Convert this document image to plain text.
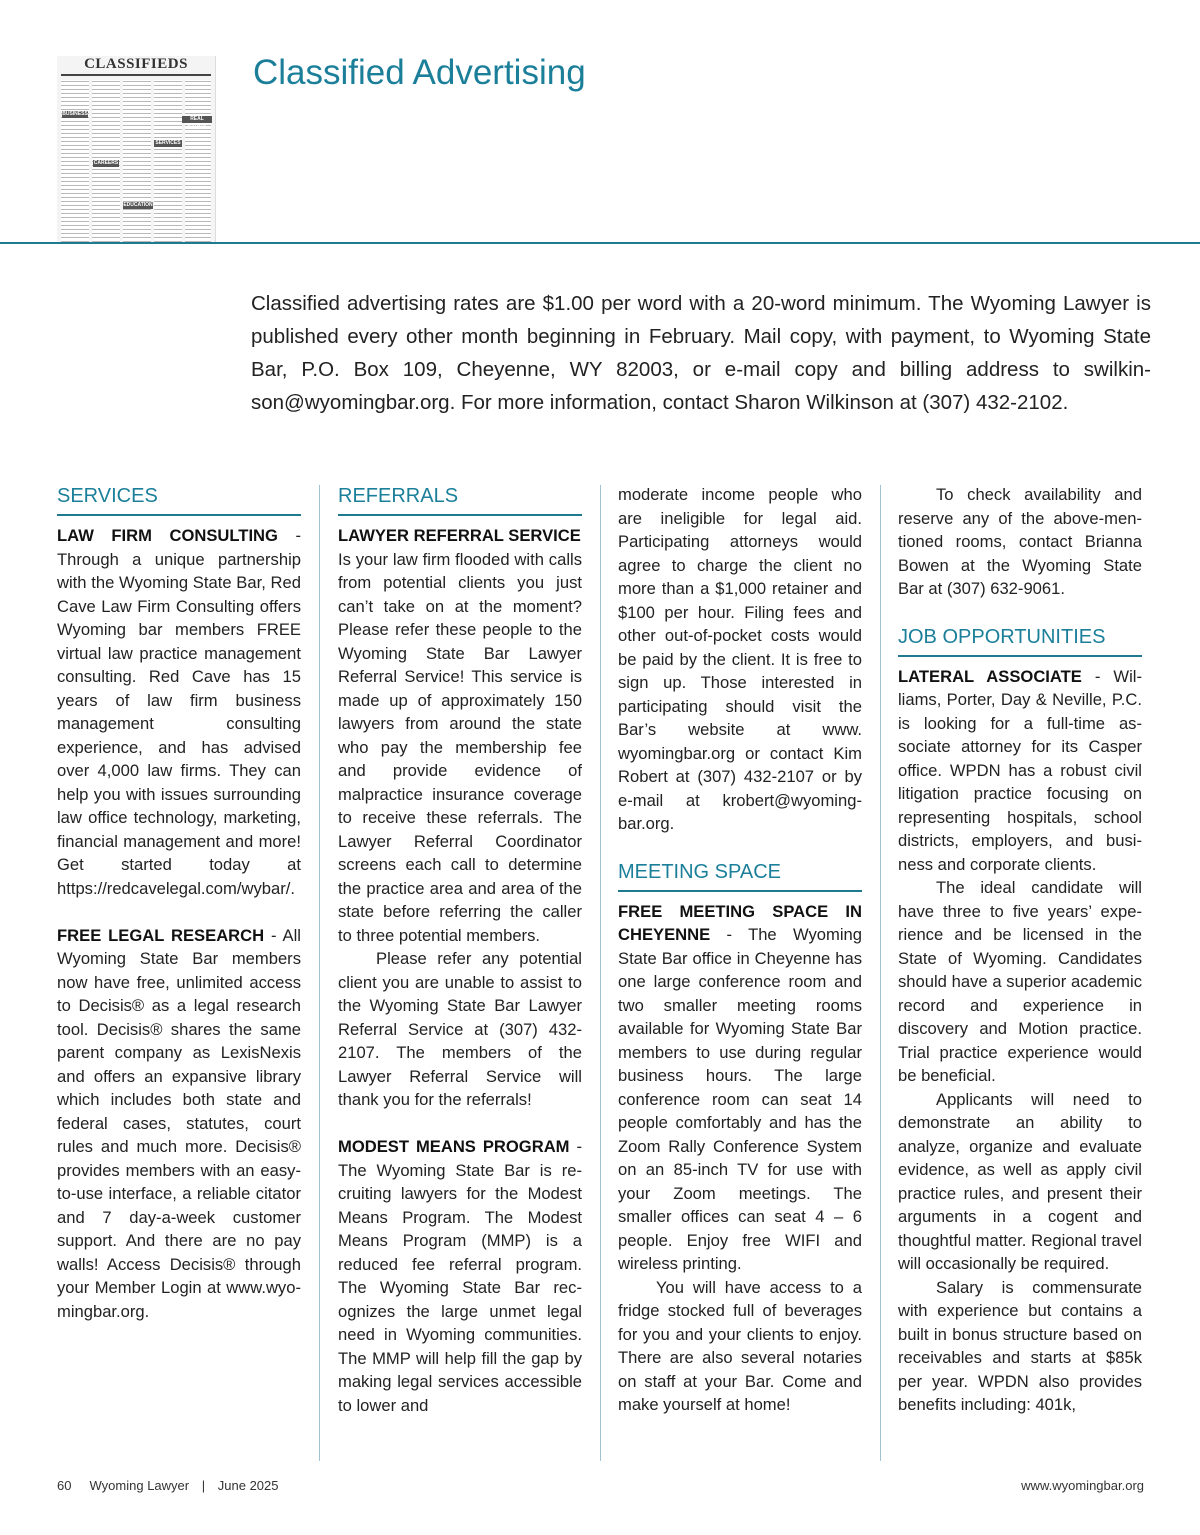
CLASSIFIEDS
BUSINESS
REAL ESTATE
SERVICES
CAREERS
EDUCATION
Classified Advertising

Classified advertising rates are $1.00 per word with a 20-word minimum. The Wyoming Lawyer is published every other month beginning in February. Mail copy, with payment, to Wyoming State Bar, P.O. Box 109, Cheyenne, WY 82003, or e-mail copy and billing address to swilkinson@wyomingbar.org. For more information, contact Sharon Wilkinson at (307) 432-2102.

SERVICES

LAW FIRM CONSULTING - Through a unique partnership with the Wyoming State Bar, Red Cave Law Firm Consulting offers Wyoming bar members FREE virtual law practice management consulting. Red Cave has 15 years of law firm business management consulting experience, and has advised over 4,000 law firms. They can help you with issues surrounding law office technology, marketing, financial management and more! Get started today at https://redcavelegal.​com/wybar/.

FREE LEGAL RESEARCH - All Wyoming State Bar members now have free, unlimited access to Decisis® as a legal research tool. Decisis® shares the same parent company as LexisNexis and offers an expansive library which includes both state and federal cases, statutes, court rules and much more. Decisis® provides members with an easy-to-use interface, a reliable citator and 7 day-a-week customer support. And there are no pay walls! Access Decisis® through your Member Login at www.wyomingbar.org.

REFERRALS

LAWYER REFERRAL SERVICE
Is your law firm flooded with calls from potential clients you just can’t take on at the moment? Please refer these people to the Wyoming State Bar Lawyer Referral Service! This service is made up of approximately 150 lawyers from around the state who pay the membership fee and provide evidence of malpractice insurance coverage to receive these referrals. The Lawyer Referral Coordinator screens each call to determine the practice area and area of the state before referring the caller to three potential members.

Please refer any potential client you are unable to assist to the Wyoming State Bar Lawyer Referral Service at (307) 432-2107. The members of the Lawyer Referral Service will thank you for the referrals!

MODEST MEANS PROGRAM - The Wyoming State Bar is recruiting lawyers for the Modest Means Program. The Modest Means Program (MMP) is a reduced fee referral program. The Wyoming State Bar recognizes the large unmet legal need in Wyoming communities. The MMP will help fill the gap by making legal services accessible to lower and

moderate income people who are ineligible for legal aid. Participating attorneys would agree to charge the client no more than a $1,000 retainer and $100 per hour. Filing fees and other out-of-pocket costs would be paid by the client. It is free to sign up. Those interested in participating should visit the Bar’s website at www.​wyomingbar.org or contact Kim Robert at (307) 432-2107 or by e-mail at krobert@wyomingbar.org.

MEETING SPACE

FREE MEETING SPACE IN CHEYENNE - The Wyoming State Bar office in Cheyenne has one large conference room and two smaller meeting rooms available for Wyoming State Bar members to use during regular business hours. The large conference room can seat 14 people comfortably and has the Zoom Rally Conference System on an 85-inch TV for use with your Zoom meetings. The smaller offices can seat 4 – 6 people. Enjoy free WIFI and wireless printing.

You will have access to a fridge stocked full of beverages for you and your clients to enjoy. There are also several notaries on staff at your Bar. Come and make yourself at home!

To check availability and reserve any of the above-mentioned rooms, contact Brianna Bowen at the Wyoming State Bar at (307) 632-9061.

JOB OPPORTUNITIES

LATERAL ASSOCIATE - Williams, Porter, Day & Neville, P.C. is looking for a full-time associate attorney for its Casper office. WPDN has a robust civil litigation practice focusing on representing hospitals, school districts, employers, and business and corporate clients.

The ideal candidate will have three to five years’ experience and be licensed in the State of Wyoming. Candidates should have a superior academic record and experience in discovery and Motion practice. Trial practice experience would be beneficial.

Applicants will need to demonstrate an ability to analyze, organize and evaluate evidence, as well as apply civil practice rules, and present their arguments in a cogent and thoughtful matter. Regional travel will occasionally be required.

Salary is commensurate with experience but contains a built in bonus structure based on receivables and starts at $85k per year. WPDN also provides benefits including: 401k,

60 Wyoming Lawyer | June 2025	www.wyomingbar.org
